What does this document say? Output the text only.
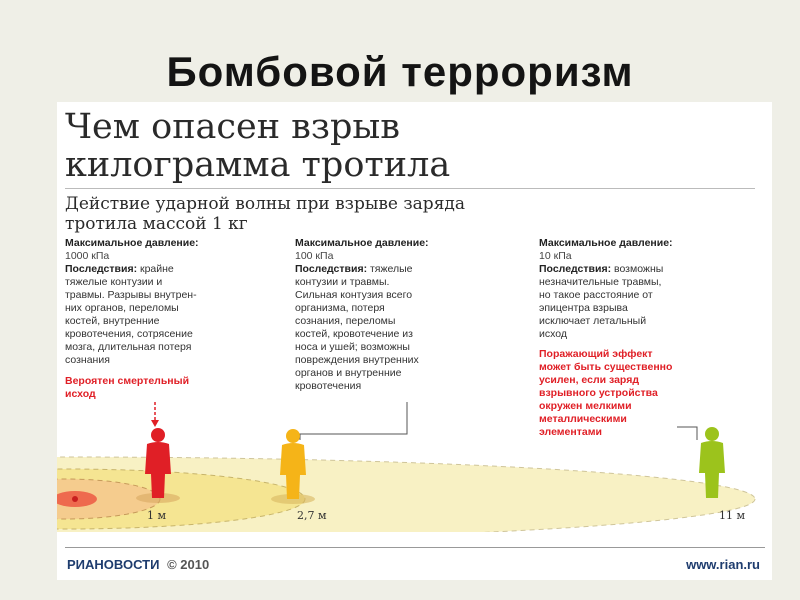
Бомбовой терроризм
Чем опасен взрыв
килограмма тротила
Действие ударной волны при взрыве заряда
тротила массой 1 кг

Максимальное давление:

1000 кПа

Последствия: крайне

тяжелые контузии и

травмы. Разрывы внутрен-

них органов, переломы

костей, внутренние

кровотечения, сотрясение

мозга, длительная потеря

сознания

Максимальное давление:

100 кПа

Последствия: тяжелые

контузии и травмы.

Сильная контузия всего

организма, потеря

сознания, переломы

костей, кровотечение из

носа и ушей; возможны

повреждения внутренних

органов и внутренние

кровотечения

Максимальное давление:

10 кПа

Последствия: возможны

незначительные травмы,

но такое расстояние от

эпицентра взрыва

исключает летальный

исход

Вероятен смертельный
исход
Поражающий эффект
может быть существенно
усилен, если заряд
взрывного устройства
окружен мелкими
металлическими
элементами
1 м	2,7 м	11 м
РИАНОВОСТИ © 2010	www.rian.ru
